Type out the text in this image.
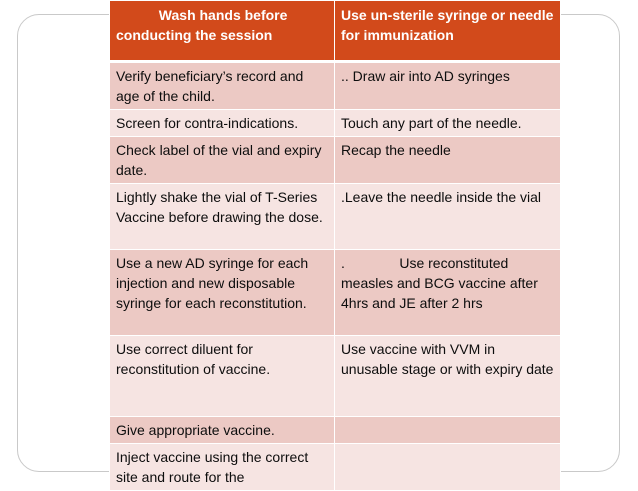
Wash hands before conducting the session	Use un-sterile syringe or needle for immunization
Verify beneficiary’s record and age of the child.	.. Draw air into AD syringes
Screen for contra-indications.	Touch any part of the needle.
Check label of the vial and expiry date.	Recap the needle
Lightly shake the vial of T-Series Vaccine before drawing the dose.	.Leave the needle inside the vial
Use a new AD syringe for each injection and new disposable syringe for each reconstitution.	.              Use reconstituted measles and BCG vaccine after 4hrs and JE after 2 hrs
Use correct diluent for reconstitution of vaccine.	Use vaccine with VVM in unusable stage or with expiry date
Give appropriate vaccine.	
Inject vaccine using the correct site and route for the	
